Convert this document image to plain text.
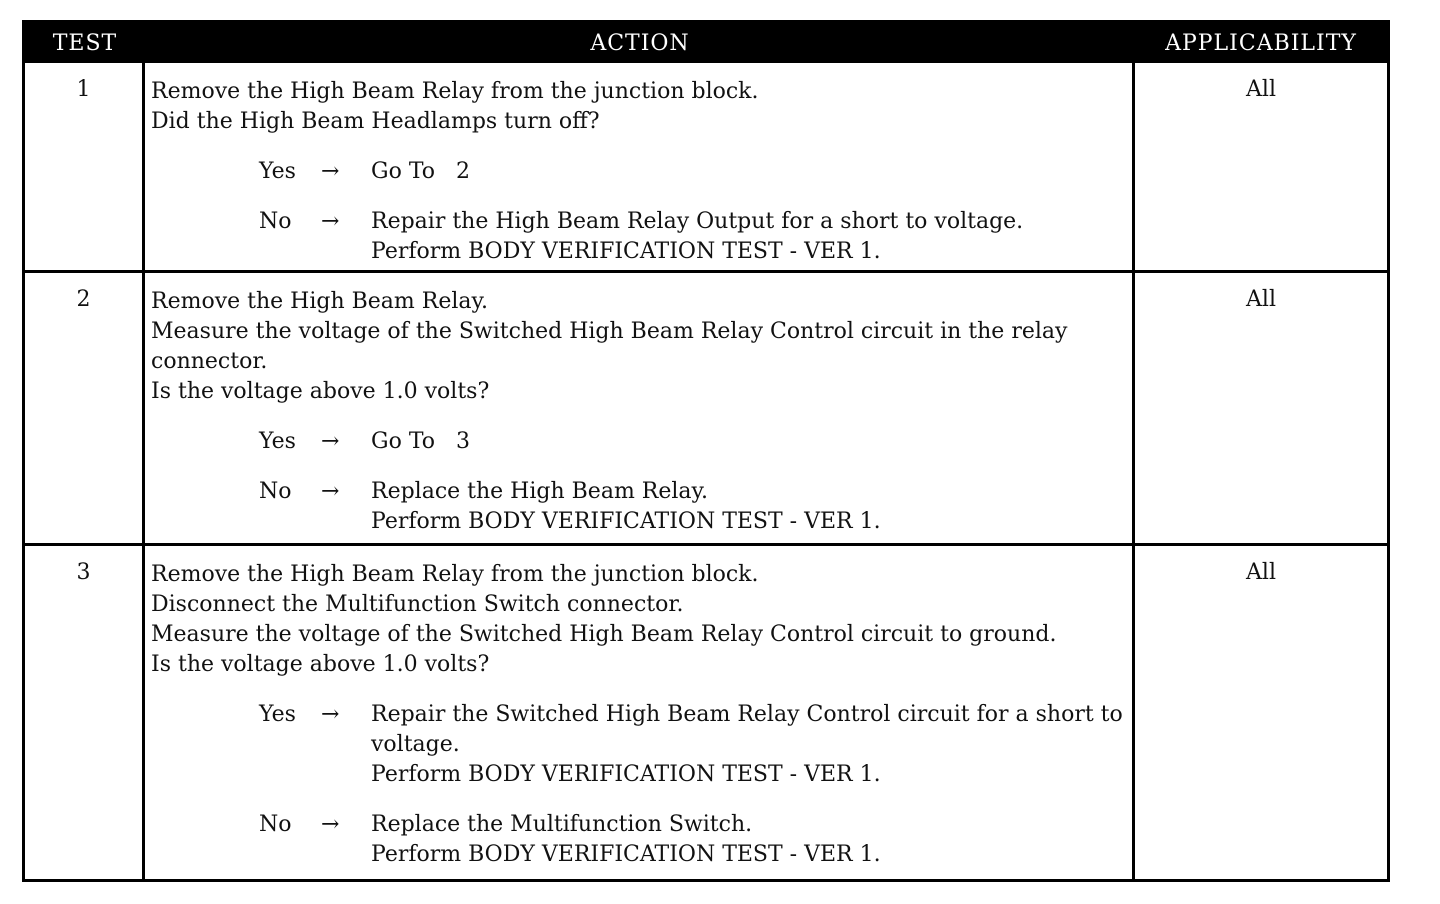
TEST	ACTION	APPLICABILITY
1	Remove the High Beam Relay from the junction block.
Did the High Beam Headlamps turn off?
Yes	→	Go To   2
No	→	Repair the High Beam Relay Output for a short to voltage.
Perform BODY VERIFICATION TEST - VER 1.
All
2	Remove the High Beam Relay.
Measure the voltage of the Switched High Beam Relay Control circuit in the relay connector.
Is the voltage above 1.0 volts?
Yes	→	Go To   3
No	→	Replace the High Beam Relay.
Perform BODY VERIFICATION TEST - VER 1.
All
3	Remove the High Beam Relay from the junction block.
Disconnect the Multifunction Switch connector.
Measure the voltage of the Switched High Beam Relay Control circuit to ground.
Is the voltage above 1.0 volts?
Yes	→	Repair the Switched High Beam Relay Control circuit for a short to voltage.
Perform BODY VERIFICATION TEST - VER 1.
No	→	Replace the Multifunction Switch.
Perform BODY VERIFICATION TEST - VER 1.
All
